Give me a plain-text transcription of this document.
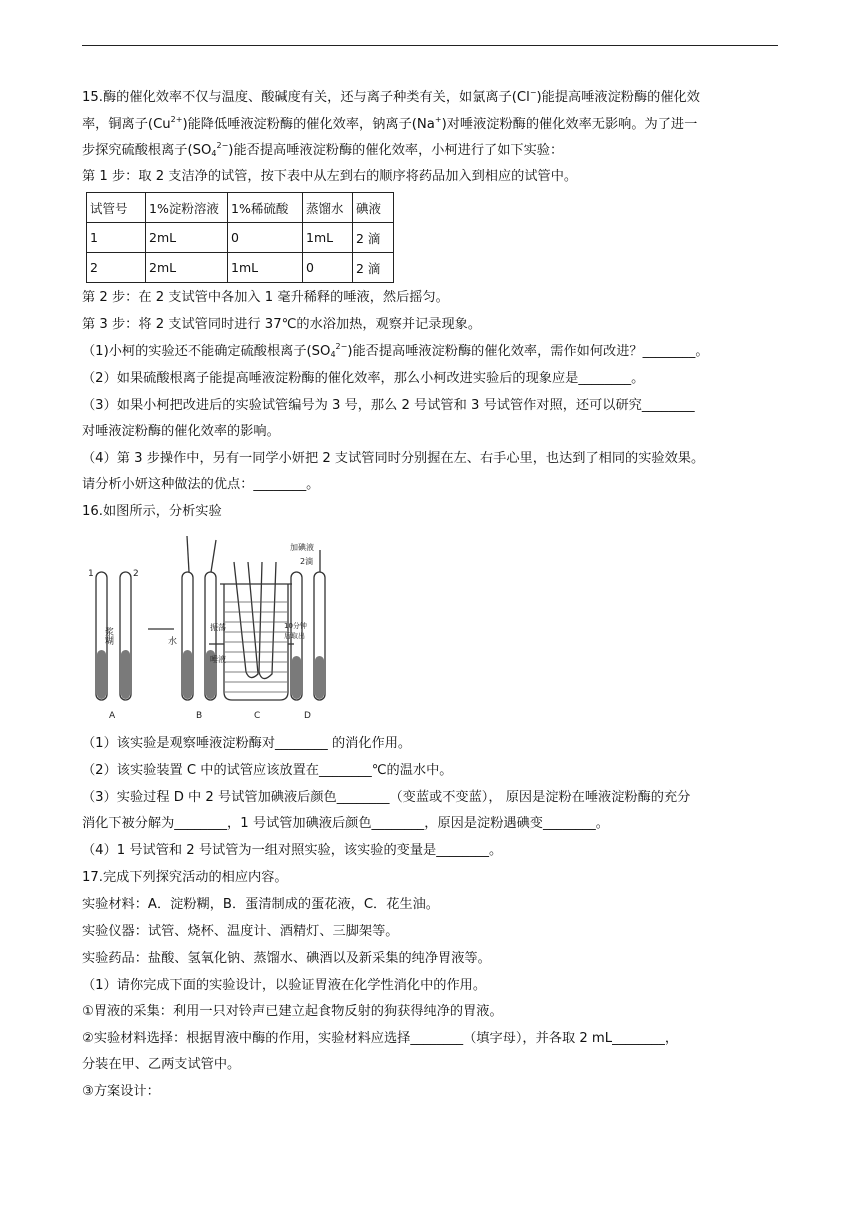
15.酶的催化效率不仅与温度、酸碱度有关，还与离子种类有关，如氯离子(Cl−)能提高唾液淀粉酶的催化效
率，铜离子$(Cu^{2+})$能降低唾液淀粉酶的催化效率，钠离子(Na+)对唾液淀粉酶的催化效率无影响。为了进一
步探究硫酸根离子$(SO_4^{2-})$能否提高唾液淀粉酶的催化效率，小柯进行了如下实验：
第 1 步：取 2 支洁净的试管，按下表中从左到右的顺序将药品加入到相应的试管中。
试管号	1%淀粉溶液	1%稀硫酸	蒸馏水	碘液
1	2mL	0	1mL	2 滴
2	2mL	1mL	0	2 滴
第 2 步：在 2 支试管中各加入 1 毫升稀释的唾液，然后摇匀。
第 3 步：将 2 支试管同时进行 37℃的水浴加热，观察并记录现象。
（1)小柯的实验还不能确定硫酸根离子$(SO_4^{2-})$能否提高唾液淀粉酶的催化效率，需作如何改进？________。
（2）如果硫酸根离子能提高唾液淀粉酶的催化效率，那么小柯改进实验后的现象应是________。
（3）如果小柯把改进后的实验试管编号为 3 号，那么 2 号试管和 3 号试管作对照，还可以研究________
对唾液淀粉酶的催化效率的影响。
（4）第 3 步操作中，另有一同学小妍把 2 支试管同时分别握在左、右手心里，也达到了相同的实验效果。
请分析小妍这种做法的优点：________。
16.如图所示，分析实验
1	2
浆糊	水
振荡
唾液
加碘液
2滴
10分钟
后取出
A	B	C	D
（1）该实验是观察唾液淀粉酶对________ 的消化作用。
（2）该实验装置 C 中的试管应该放置在________℃的温水中。
（3）实验过程 D 中 2 号试管加碘液后颜色________（变蓝或不变蓝）， 原因是淀粉在唾液淀粉酶的充分
消化下被分解为________，1 号试管加碘液后颜色________，原因是淀粉遇碘变________。
（4）1 号试管和 2 号试管为一组对照实验，该实验的变量是________。
17.完成下列探究活动的相应内容。
实验材料：A．淀粉糊，B．蛋清制成的蛋花液，C．花生油。
实验仪器：试管、烧杯、温度计、酒精灯、三脚架等。
实验药品：盐酸、氢氧化钠、蒸馏水、碘酒以及新采集的纯净胃液等。
（1）请你完成下面的实验设计，以验证胃液在化学性消化中的作用。
①胃液的采集：利用一只对铃声已建立起食物反射的狗获得纯净的胃液。
②实验材料选择：根据胃液中酶的作用，实验材料应选择________（填字母），并各取 2 mL________，
分装在甲、乙两支试管中。
③方案设计：
